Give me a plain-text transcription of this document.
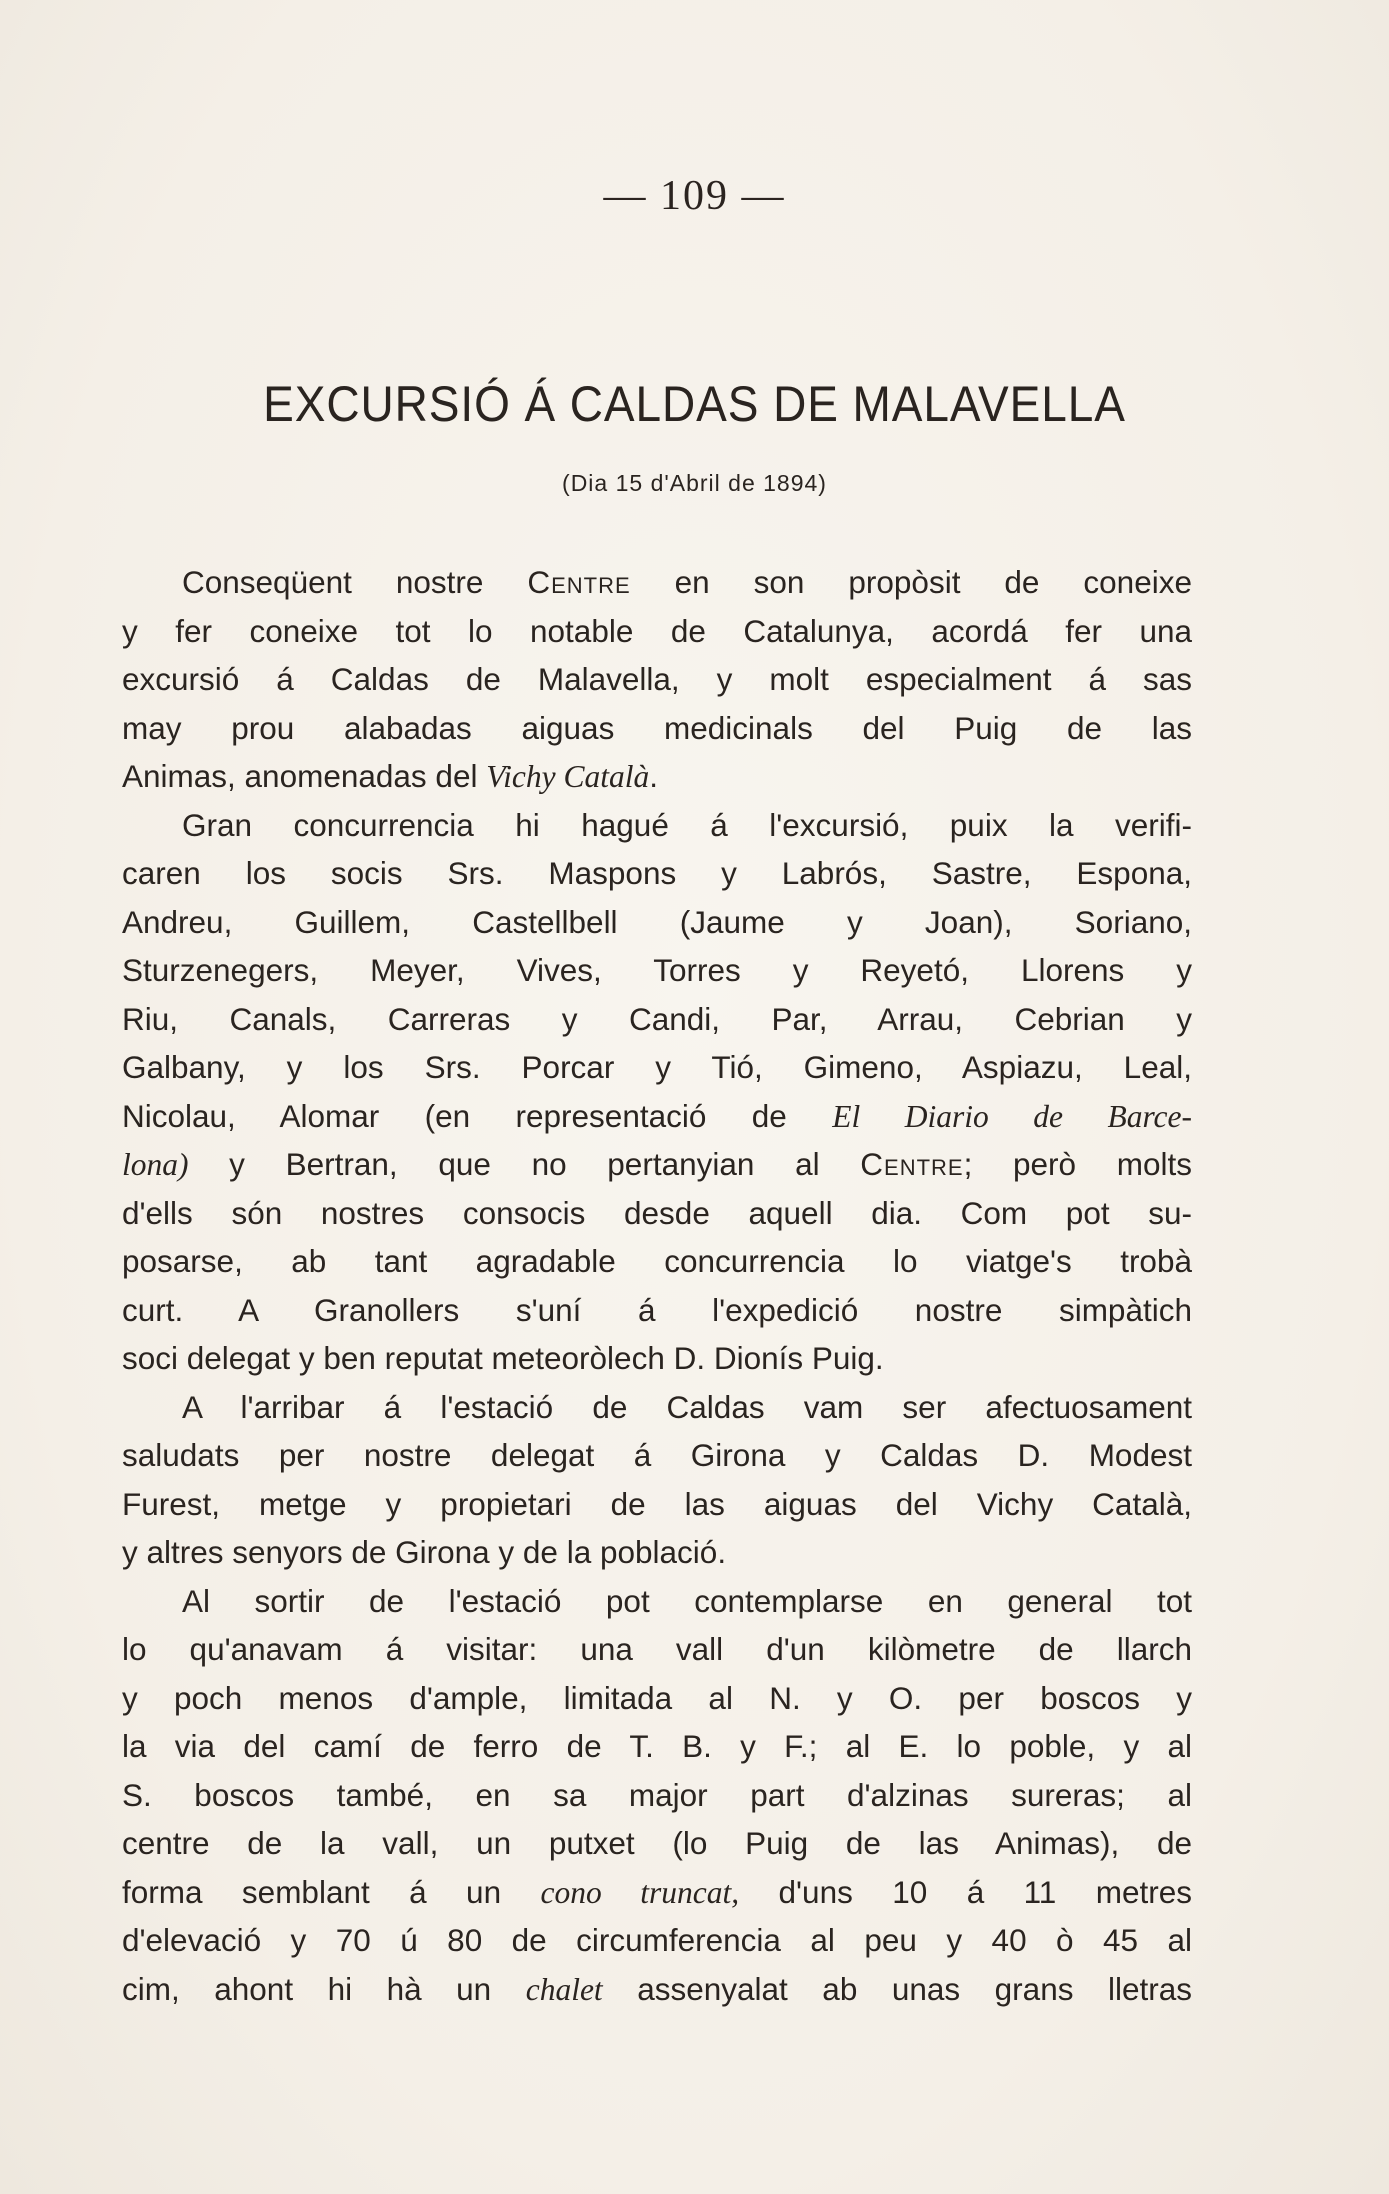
— 109 —
EXCURSIÓ Á CALDAS DE MALAVELLA
(Dia 15 d'Abril de 1894)
Conseqüent nostre Centre en son propòsit de coneixe
y fer coneixe tot lo notable de Catalunya, acordá fer una
excursió á Caldas de Malavella, y molt especialment á sas
may prou alabadas aiguas medicinals del Puig de las
Animas, anomenadas del Vichy Català.
Gran concurrencia hi hagué á l'excursió, puix la verifi-
caren los socis Srs. Maspons y Labrós, Sastre, Espona,
Andreu, Guillem, Castellbell (Jaume y Joan), Soriano,
Sturzenegers, Meyer, Vives, Torres y Reyetó, Llorens y
Riu, Canals, Carreras y Candi, Par, Arrau, Cebrian y
Galbany, y los Srs. Porcar y Tió, Gimeno, Aspiazu, Leal,
Nicolau, Alomar (en representació de El Diario de Barce-
lona) y Bertran, que no pertanyian al Centre; però molts
d'ells són nostres consocis desde aquell dia. Com pot su-
posarse, ab tant agradable concurrencia lo viatge's trobà
curt. A Granollers s'uní á l'expedició nostre simpàtich
soci delegat y ben reputat meteoròlech D. Dionís Puig.
A l'arribar á l'estació de Caldas vam ser afectuosament
saludats per nostre delegat á Girona y Caldas D. Modest
Furest, metge y propietari de las aiguas del Vichy Català,
y altres senyors de Girona y de la població.
Al sortir de l'estació pot contemplarse en general tot
lo qu'anavam á visitar: una vall d'un kilòmetre de llarch
y poch menos d'ample, limitada al N. y O. per boscos y
la via del camí de ferro de T. B. y F.; al E. lo poble, y al
S. boscos també, en sa major part d'alzinas sureras; al
centre de la vall, un putxet (lo Puig de las Animas), de
forma semblant á un cono truncat, d'uns 10 á 11 metres
d'elevació y 70 ú 80 de circumferencia al peu y 40 ò 45 al
cim, ahont hi hà un chalet assenyalat ab unas grans lletras
